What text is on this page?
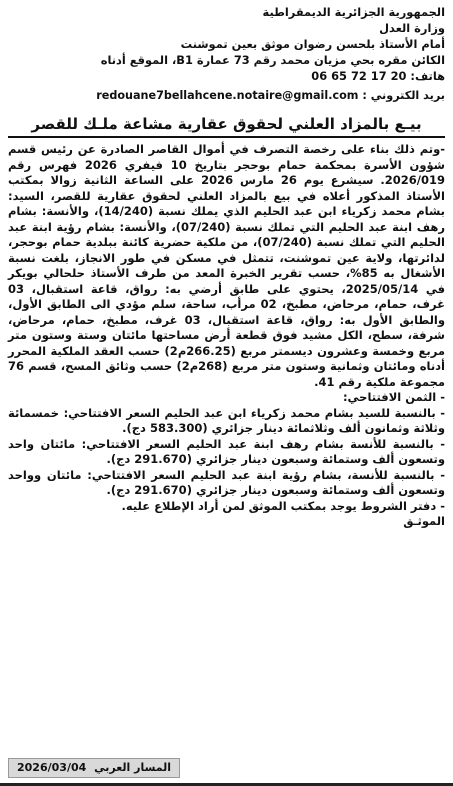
الجمهورية الجزائرية الديمقراطية
وزارة العدل
أمام الأستاذ بلحسن رضوان موثق بعين تموشنت
الكائن مقره بحي مزيان محمد رقم 73 عمارة B1، الموقع أدناه
هاتف: 20 17 72 65 06
بريد الكتروني : redouane7bellahcene.notaire@gmail.com
بيـع بالمزاد العلني لحقوق عقارية مشاعة ملـك للقصر

-وتم ذلك بناء على رخصة التصرف في أموال القاصر الصادرة عن رئيس قسم شؤون الأسرة بمحكمة حمام بوحجر بتاريخ 10 فيفري 2026 فهرس رقم 2026/019. سيشرع يوم 26 مارس 2026 على الساعة الثانية زوالا بمكتب الأستاذ المذكور أعلاه في بيع بالمزاد العلني لحقوق عقارية للقصر، السيد: بشام محمد زكرياء ابن عبد الحليم الذي يملك نسبة (14/240)، والأنسة: بشام رهف ابنة عبد الحليم التي تملك نسبة (07/240)، والأنسة: بشام رؤية ابنة عبد الحليم التي تملك نسبة (07/240)، من ملكية حضرية كائنة ببلدية حمام بوحجر، لدائرتها، ولاية عين تموشنت، تتمثل في مسكن في طور الانجاز، بلغت نسبة الأشغال به 85%، حسب تقرير الخبرة المعد من طرف الأستاذ حلحالي بويكر في 2025/05/14، يحتوي على طابق أرضي به: رواق، قاعة استقبال، 03 غرف، حمام، مرحاض، مطبخ، 02 مرأب، ساحة، سلم مؤدي الى الطابق الأول، والطابق الأول به: رواق، قاعة استقبال، 03 غرف، مطبخ، حمام، مرحاض، شرفة، سطح، الكل مشيد فوق قطعة أرض مساحتها مائتان وستة وستون متر مربع وخمسة وعشرون ديسمتر مربع (266.25م2) حسب العقد الملكية المحرر أدناه ومائتان وثمانية وستون متر مربع (268م2) حسب وثائق المسح، قسم 76 مجموعة ملكية رقم 41.

- الثمن الافتتاحي:

- بالنسبة للسيد بشام محمد زكرياء ابن عبد الحليم السعر الافتتاحي: خمسمائة وثلاثة وثمانون ألف وثلاثمائة دينار جزائري (583.300 دج).

- بالنسبة للأنسة بشام رهف ابنة عبد الحليم السعر الافتتاحي: مائتان واحد وتسعون ألف وستمائة وسبعون دينار جزائري (291.670 دج).

- بالنسبة للأنسة، بشام رؤية ابنة عبد الحليم السعر الافتتاحي: مائتان وواحد وتسعون ألف وستمائة وسبعون دينار جزائري (291.670 دج).

- دفتر الشروط يوجد بمكتب الموثق لمن أراد الإطلاع عليه.

الموثـق

المسار العربي 2026/03/04
